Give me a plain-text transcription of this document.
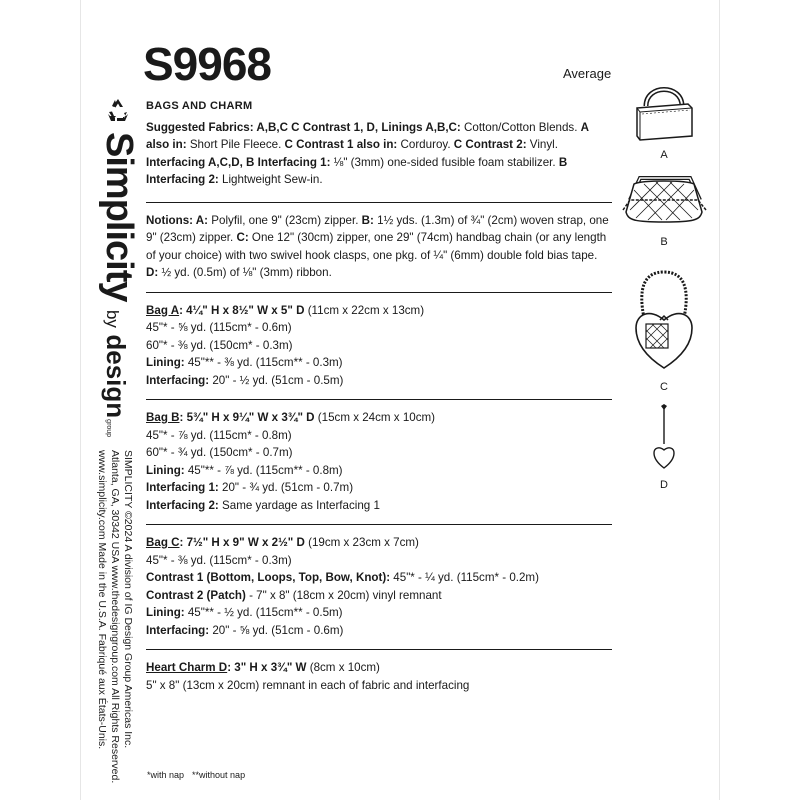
Simplicity by designgroup
SIMPLICITY ©2024 A division of IG Design Group Americas Inc.
Atlanta, GA, 30342 USA www.thedesigngroup.com All Rights Reserved.
www.simplicity.com Made in the U.S.A. Fabriqué aux États-Unis.
S9968	Average
BAGS AND CHARM
Suggested Fabrics: A,B,C C Contrast 1, D, Linings A,B,C: Cotton/Cotton Blends. A also in: Short Pile Fleece. C Contrast 1 also in: Corduroy. C Contrast 2: Vinyl. Interfacing A,C,D, B Interfacing 1: ⅛" (3mm) one-sided fusible foam stabilizer. B Interfacing 2: Lightweight Sew-in.
Notions: A: Polyfil, one 9" (23cm) zipper. B: 1½ yds. (1.3m) of ¾" (2cm) woven strap, one 9" (23cm) zipper. C: One 12" (30cm) zipper, one 29" (74cm) handbag chain (or any length of your choice) with two swivel hook clasps, one pkg. of ¼" (6mm) double fold bias tape. D: ½ yd. (0.5m) of ⅛" (3mm) ribbon.
Bag A: 4¼" H x 8½" W x 5" D (11cm x 22cm x 13cm)
45"* - ⅝ yd. (115cm* - 0.6m)
60"* - ⅜ yd. (150cm* - 0.3m)
Lining: 45"** - ⅜ yd. (115cm** - 0.3m)
Interfacing: 20" - ½ yd. (51cm - 0.5m)
Bag B: 5¾" H x 9¼" W x 3¾" D (15cm x 24cm x 10cm)
45"* - ⅞ yd. (115cm* - 0.8m)
60"* - ¾ yd. (150cm* - 0.7m)
Lining: 45"** - ⅞ yd. (115cm** - 0.8m)
Interfacing 1: 20" - ¾ yd. (51cm - 0.7m)
Interfacing 2: Same yardage as Interfacing 1
Bag C: 7½" H x 9" W x 2½" D (19cm x 23cm x 7cm)
45"* - ⅜ yd. (115cm* - 0.3m)
Contrast 1 (Bottom, Loops, Top, Bow, Knot): 45"* - ¼ yd. (115cm* - 0.2m)
Contrast 2 (Patch) - 7" x 8" (18cm x 20cm) vinyl remnant
Lining: 45"** - ½ yd. (115cm** - 0.5m)
Interfacing: 20" - ⅝ yd. (51cm - 0.6m)
Heart Charm D: 3" H x 3¾" W (8cm x 10cm)
5" x 8" (13cm x 20cm) remnant in each of fabric and interfacing
*with nap **without nap
A
B
C
D
